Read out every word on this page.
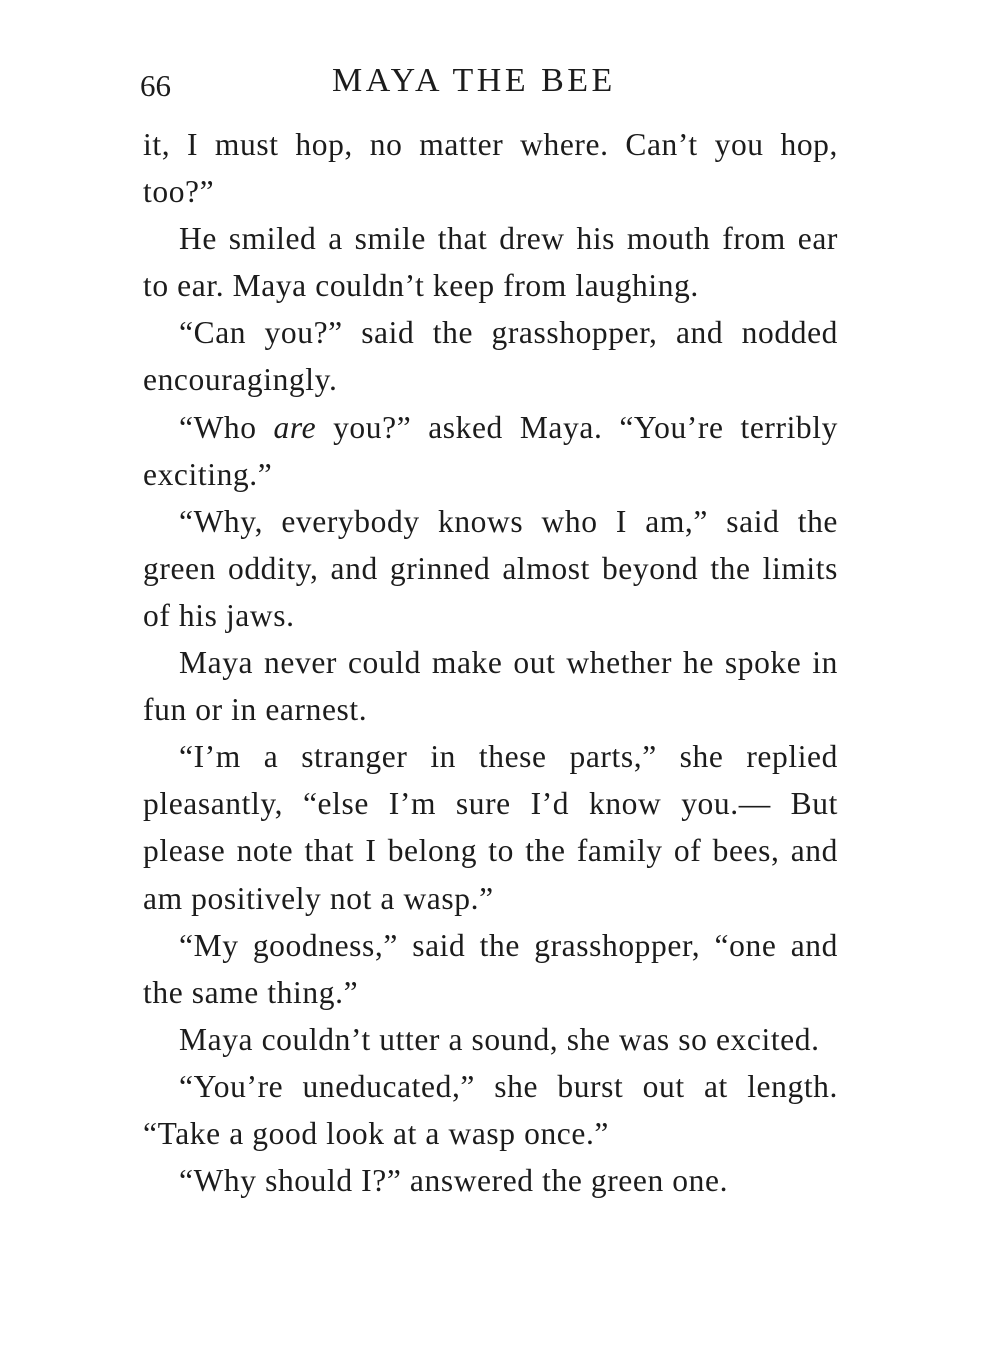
66	MAYA THE BEE

it, I must hop, no matter where. Can’t you hop, too?”

He smiled a smile that drew his mouth from ear to ear. Maya couldn’t keep from laughing.

“Can you?” said the grasshopper, and nodded encouragingly.

“Who are you?” asked Maya. “You’re terribly exciting.”

“Why, everybody knows who I am,” said the green oddity, and grinned almost beyond the limits of his jaws.

Maya never could make out whether he spoke in fun or in earnest.

“I’m a stranger in these parts,” she replied pleasantly, “else I’m sure I’d know you.— But please note that I belong to the family of bees, and am positively not a wasp.”

“My goodness,” said the grasshopper, “one and the same thing.”

Maya couldn’t utter a sound, she was so excited.

“You’re uneducated,” she burst out at length. “Take a good look at a wasp once.”

“Why should I?” answered the green one.
